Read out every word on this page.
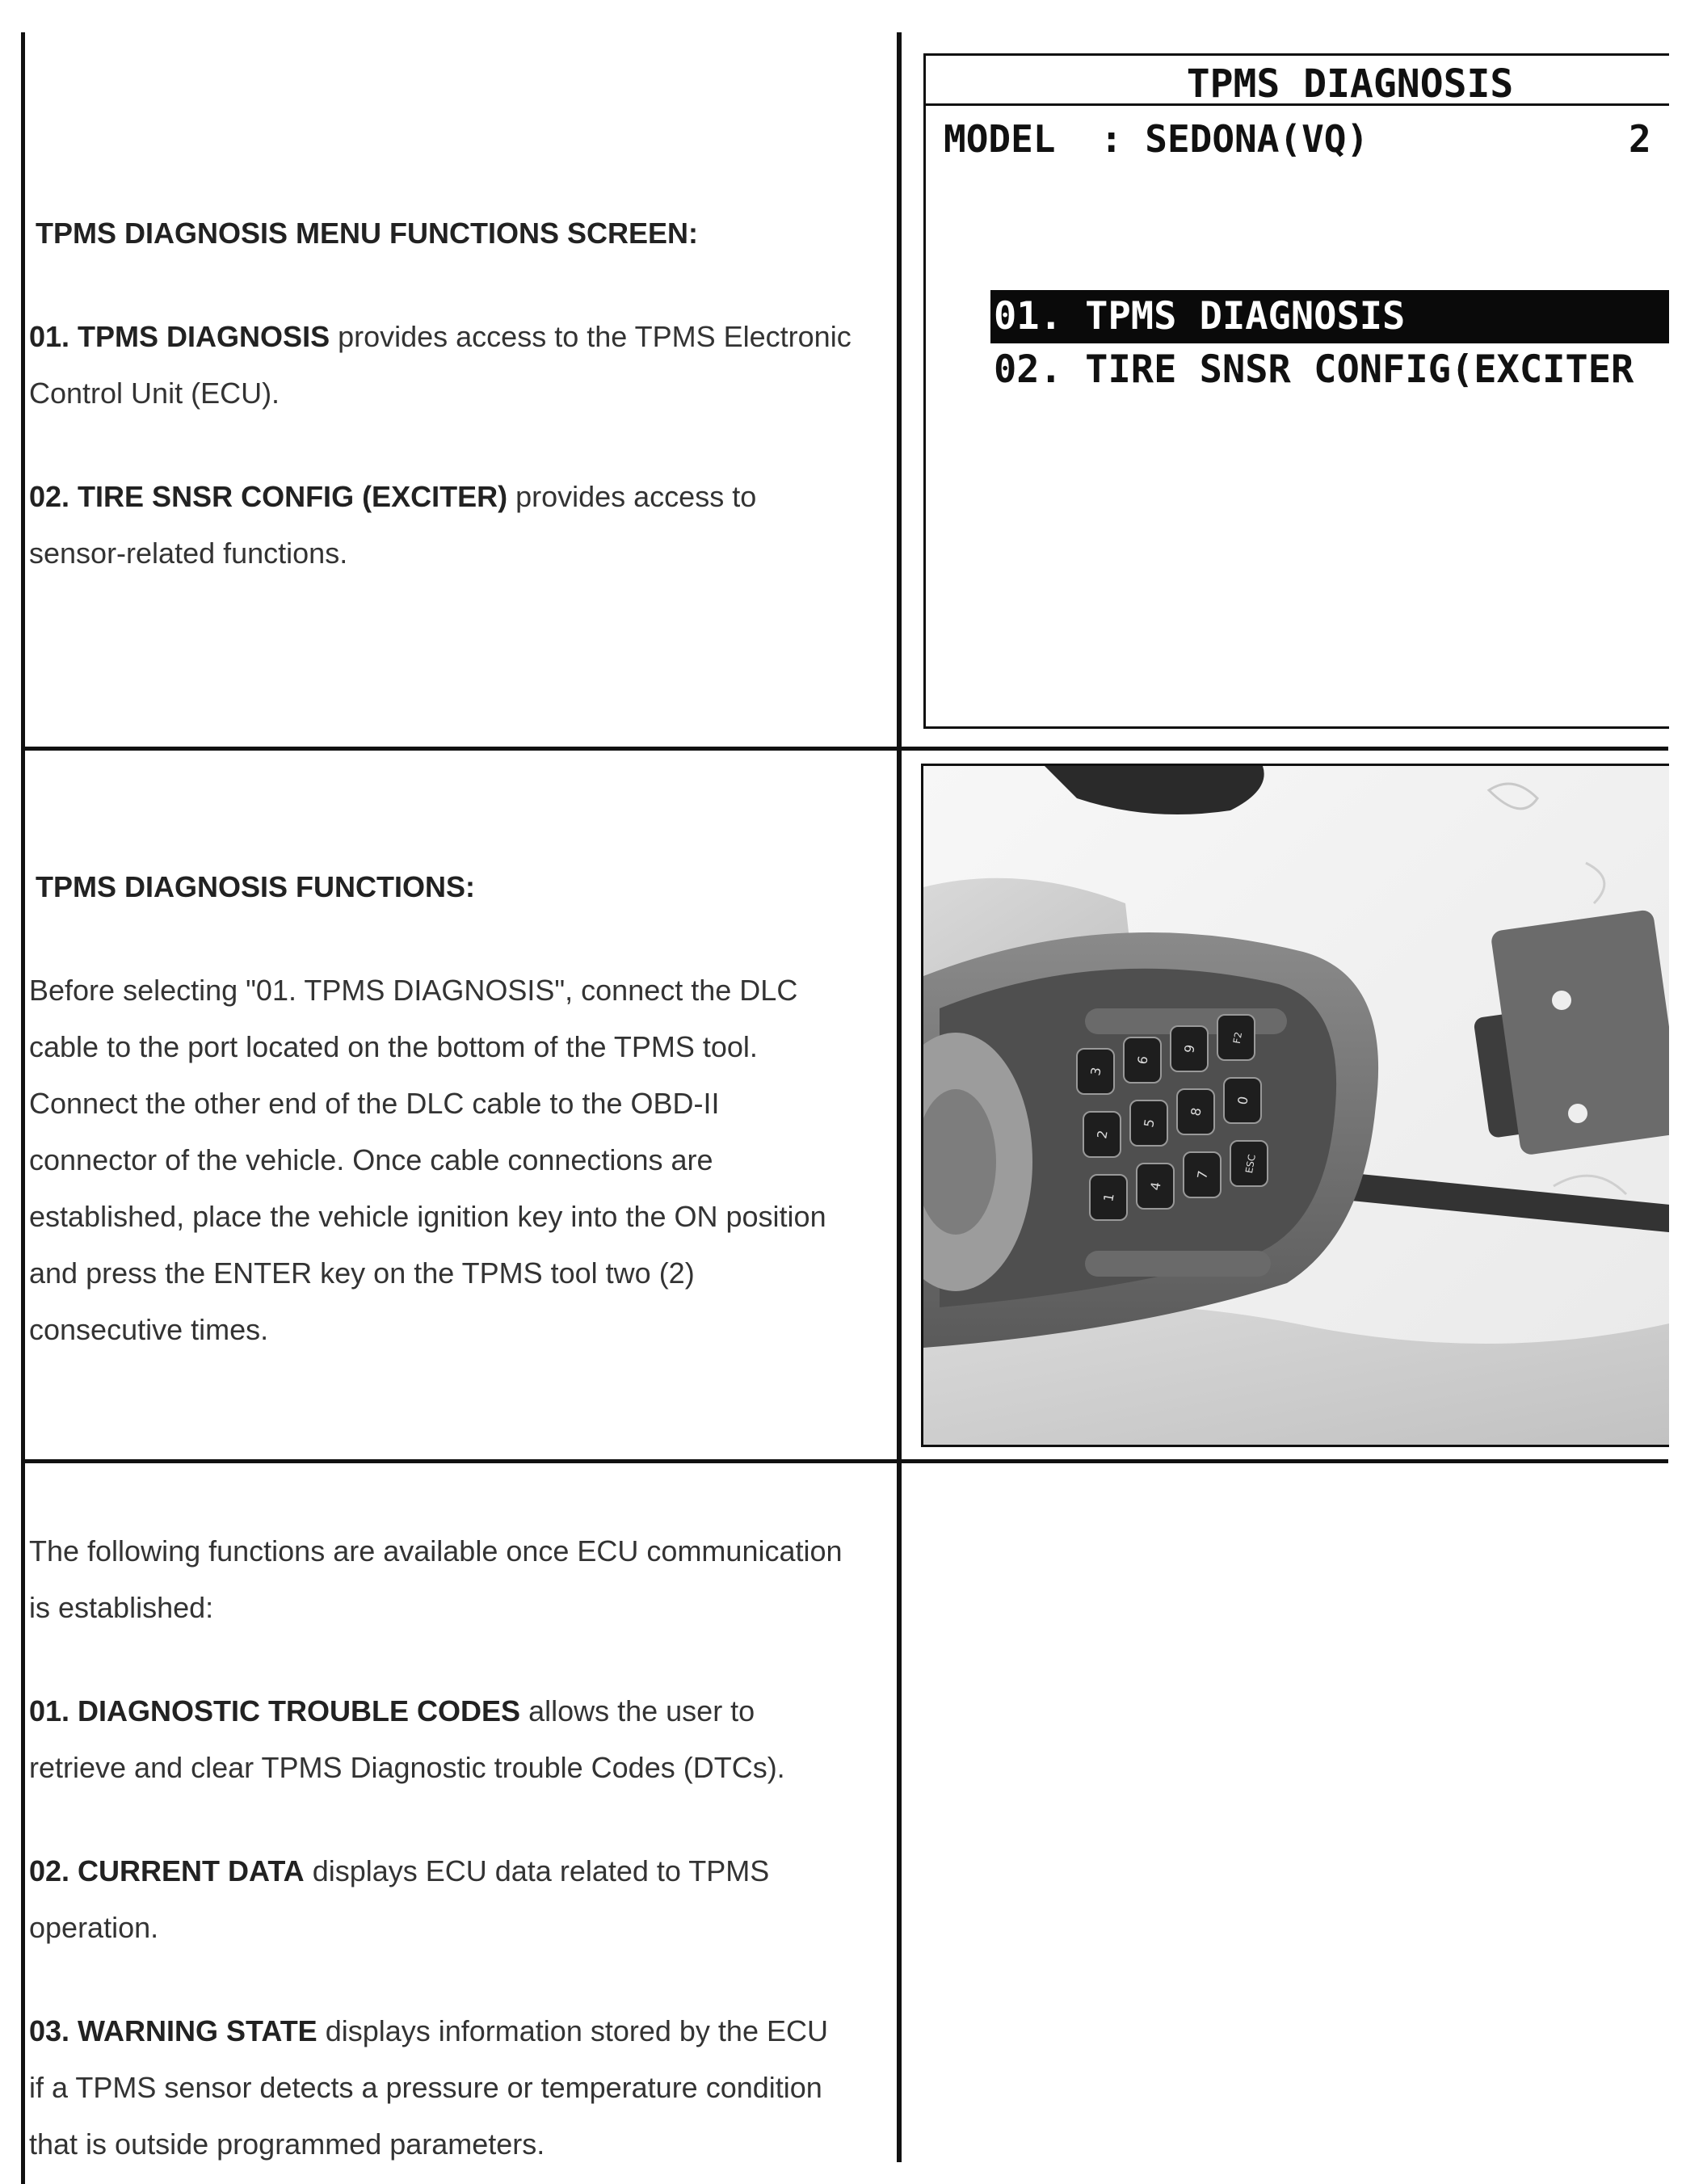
TPMS DIAGNOSIS MENU FUNCTIONS SCREEN:

01. TPMS DIAGNOSIS provides access to the TPMS Electronic

Control Unit (ECU).

02. TIRE SNSR CONFIG (EXCITER) provides access to

sensor-related functions.

TPMS DIAGNOSIS
MODEL  : SEDONA(VQ)	2
01. TPMS DIAGNOSIS
02. TIRE SNSR CONFIG(EXCITER

TPMS DIAGNOSIS FUNCTIONS:

Before selecting "01. TPMS DIAGNOSIS", connect the DLC

cable to the port located on the bottom of the TPMS tool.

Connect the other end of the DLC cable to the OBD-II

connector of the vehicle. Once cable connections are

established, place the vehicle ignition key into the ON position

and press the ENTER key on the TPMS tool two (2)

consecutive times.

3
6
9
F2
2
5
8
0
1
4
7
ESC

The following functions are available once ECU communication

is established:

01. DIAGNOSTIC TROUBLE CODES allows the user to

retrieve and clear TPMS Diagnostic trouble Codes (DTCs).

02. CURRENT DATA displays ECU data related to TPMS

operation.

03. WARNING STATE displays information stored by the ECU

if a TPMS sensor detects a pressure or temperature condition

that is outside programmed parameters.
